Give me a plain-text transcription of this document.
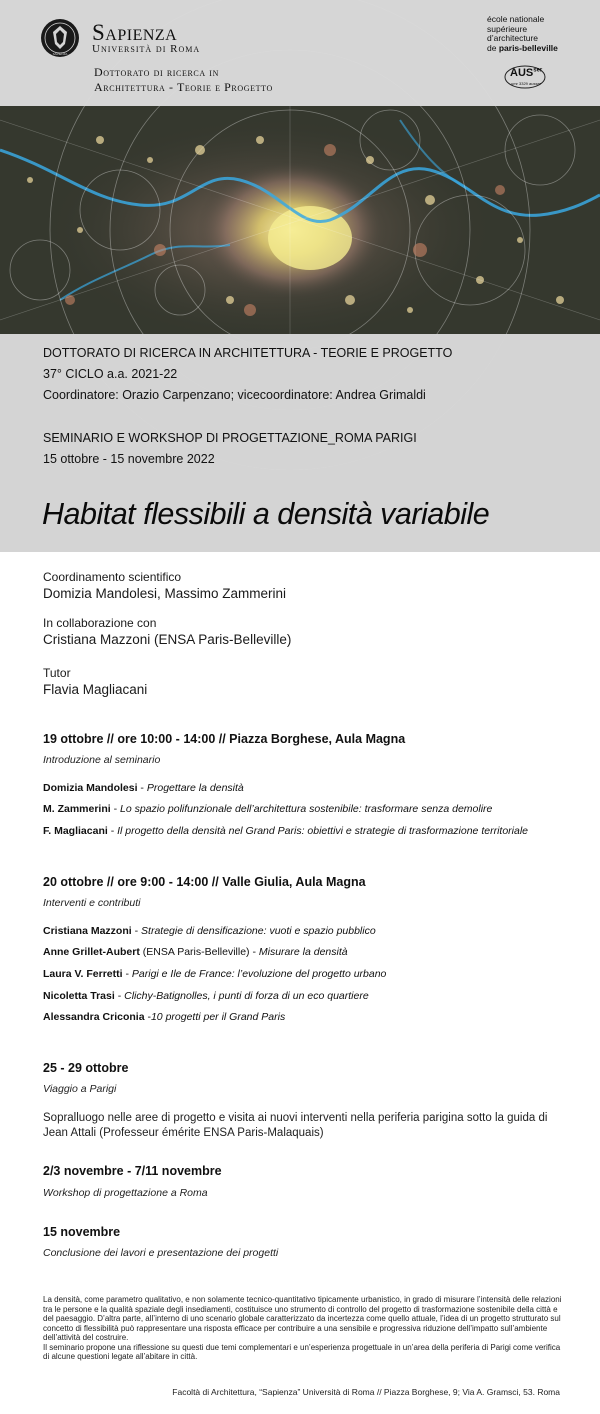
SAPIENZA
Sapienza
Università di Roma
Dottorato di ricerca in
Architettura - Teorie e Progetto
école nationale
supérieure
d’architecture
de paris-belleville
$AUS^{ser}$
umr 3329 ausser
DOTTORATO DI RICERCA IN ARCHITETTURA - TEORIE E PROGETTO
37° CICLO a.a. 2021-22
Coordinatore: Orazio Carpenzano; vicecoordinatore: Andrea Grimaldi
SEMINARIO E WORKSHOP DI PROGETTAZIONE_ROMA PARIGI
15 ottobre - 15 novembre 2022
Habitat flessibili a densità variabile
Coordinamento scientifico
Domizia Mandolesi, Massimo Zammerini
In collaborazione con
Cristiana Mazzoni (ENSA Paris-Belleville)
Tutor
Flavia Magliacani
19 ottobre // ore 10:00 - 14:00 // Piazza Borghese, Aula Magna
Introduzione al seminario
Domizia Mandolesi - Progettare la densità
M. Zammerini - Lo spazio polifunzionale dell’architettura sostenibile: trasformare senza demolire
F. Magliacani - Il progetto della densità nel Grand Paris: obiettivi e strategie di trasformazione territoriale
20 ottobre // ore 9:00 - 14:00 // Valle Giulia, Aula Magna
Interventi e contributi
Cristiana Mazzoni - Strategie di densificazione: vuoti e spazio pubblico
Anne Grillet-Aubert (ENSA Paris-Belleville) - Misurare la densità
Laura V. Ferretti - Parigi e Ile de France: l’evoluzione del progetto urbano
Nicoletta Trasi - Clichy-Batignolles, i punti di forza di un eco quartiere
Alessandra Criconia -10 progetti per il Grand Paris
25 - 29 ottobre
Viaggio a Parigi
Sopralluogo nelle aree di progetto e visita ai nuovi interventi nella periferia parigina sotto la guida di Jean Attali (Professeur émérite ENSA Paris-Malaquais)
2/3 novembre - 7/11 novembre
Workshop di progettazione a Roma
15 novembre
Conclusione dei lavori e presentazione dei progetti
La densità, come parametro qualitativo, e non solamente tecnico-quantitativo tipicamente urbanistico, in grado di misurare l’intensità delle relazioni tra le persone e la qualità spaziale degli insediamenti, costituisce uno strumento di controllo del progetto di trasformazione sostenibile della città e del paesaggio. D’altra parte, all’interno di uno scenario globale caratterizzato da incertezza come quello attuale, l’idea di un progetto strutturato sul concetto di flessibilità può rappresentare una risposta efficace per contribuire a una sensibile e progressiva riduzione dell’impatto sull’ambiente dell’attività del costruire.
Il seminario propone una riflessione su questi due temi complementari e un’esperienza progettuale in un’area della periferia di Parigi come verifica di alcune questioni legate all’abitare in città.
Facoltà di Architettura, “Sapienza” Università di Roma // Piazza Borghese, 9; Via A. Gramsci, 53. Roma
